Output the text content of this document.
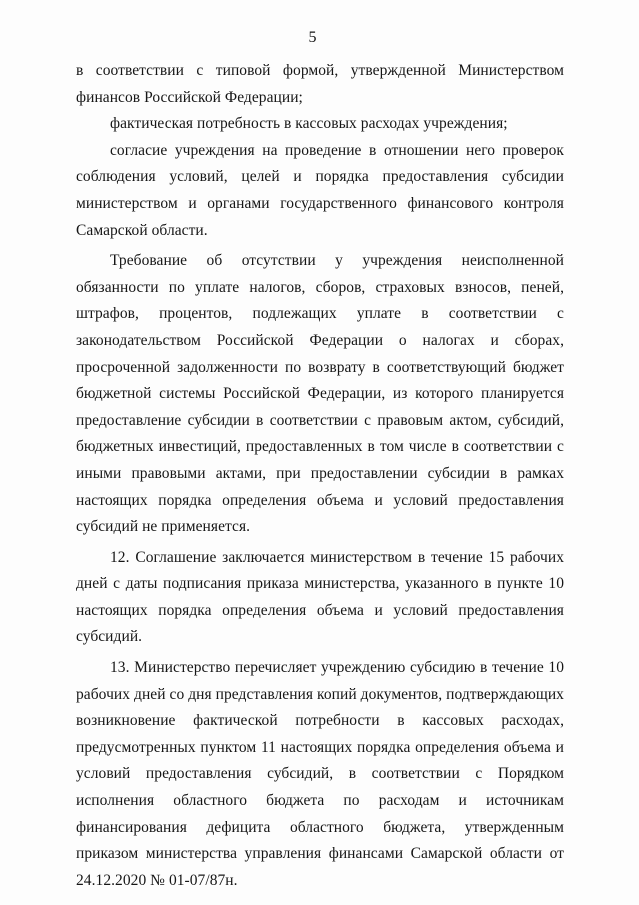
5

в соответствии с типовой формой, утвержденной Министерством финансов Российской Федерации;

фактическая потребность в кассовых расходах учреждения;

согласие учреждения на проведение в отношении него проверок соблюдения условий, целей и порядка предоставления субсидии министерством и органами государственного финансового контроля Самарской области.

Требование об отсутствии у учреждения неисполненной обязанности по уплате налогов, сборов, страховых взносов, пеней, штрафов, процентов, подлежащих уплате в соответствии с законодательством Российской Федерации о налогах и сборах, просроченной задолженности по возврату в соответствующий бюджет бюджетной системы Российской Федерации, из которого планируется предоставление субсидии в соответствии с правовым актом, субсидий, бюджетных инвестиций, предоставленных в том числе в соответствии с иными правовыми актами, при предоставлении субсидии в рамках настоящих порядка определения объема и условий предоставления субсидий не применяется.

12. Соглашение заключается министерством в течение 15 рабочих дней с даты подписания приказа министерства, указанного в пункте 10 настоящих порядка определения объема и условий предоставления субсидий.

13. Министерство перечисляет учреждению субсидию в течение 10 рабочих дней со дня представления копий документов, подтверждающих возникновение фактической потребности в кассовых расходах, предусмотренных пунктом 11 настоящих порядка определения объема и условий предоставления субсидий, в соответствии с Порядком исполнения областного бюджета по расходам и источникам финансирования дефицита областного бюджета, утвержденным приказом министерства управления финансами Самарской области от 24.12.2020 № 01-07/87н.
